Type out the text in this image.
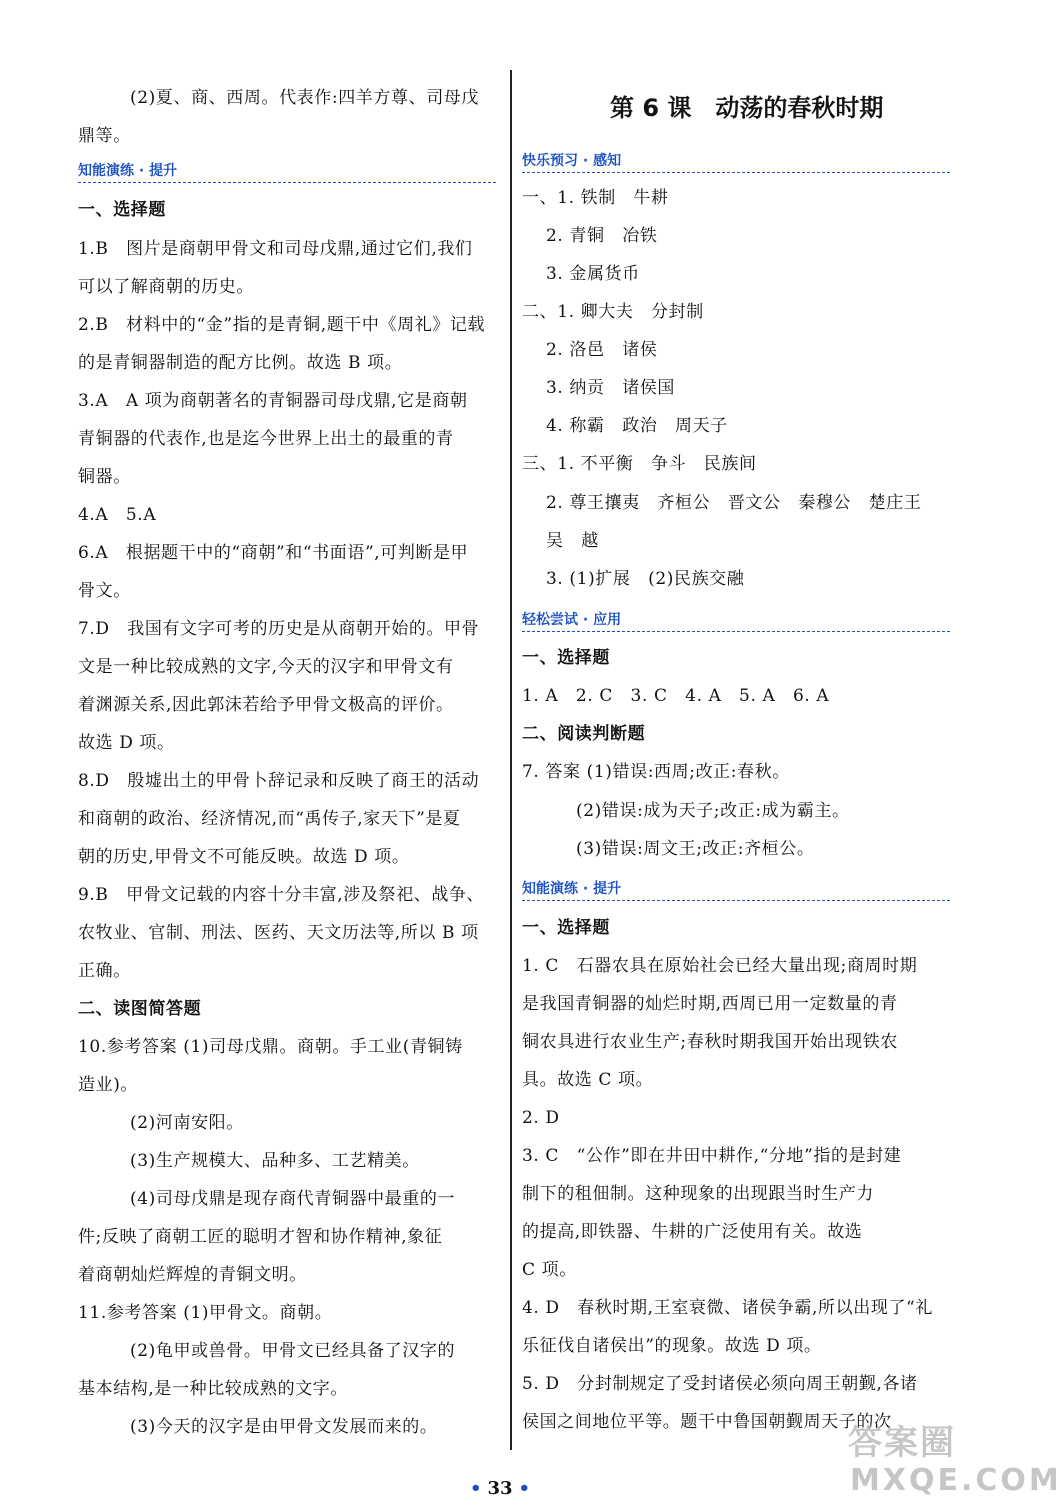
(2)夏、商、西周。代表作:四羊方尊、司母戊
鼎等。
知能演练 · 提升
一、选择题
1.B　图片是商朝甲骨文和司母戊鼎,通过它们,我们
可以了解商朝的历史。
2.B　材料中的“金”指的是青铜,题干中《周礼》记载
的是青铜器制造的配方比例。故选 B 项。
3.A　A 项为商朝著名的青铜器司母戊鼎,它是商朝
青铜器的代表作,也是迄今世界上出土的最重的青
铜器。
4.A　5.A
6.A　根据题干中的“商朝”和“书面语”,可判断是甲
骨文。
7.D　我国有文字可考的历史是从商朝开始的。甲骨
文是一种比较成熟的文字,今天的汉字和甲骨文有
着渊源关系,因此郭沫若给予甲骨文极高的评价。
故选 D 项。
8.D　殷墟出土的甲骨卜辞记录和反映了商王的活动
和商朝的政治、经济情况,而“禹传子,家天下”是夏
朝的历史,甲骨文不可能反映。故选 D 项。
9.B　甲骨文记载的内容十分丰富,涉及祭祀、战争、
农牧业、官制、刑法、医药、天文历法等,所以 B 项
正确。
二、读图简答题
10.参考答案 (1)司母戊鼎。商朝。手工业(青铜铸
造业)。
(2)河南安阳。
(3)生产规模大、品种多、工艺精美。
(4)司母戊鼎是现存商代青铜器中最重的一
件;反映了商朝工匠的聪明才智和协作精神,象征
着商朝灿烂辉煌的青铜文明。
11.参考答案 (1)甲骨文。商朝。
(2)龟甲或兽骨。甲骨文已经具备了汉字的
基本结构,是一种比较成熟的文字。
(3)今天的汉字是由甲骨文发展而来的。
第 6 课　动荡的春秋时期
快乐预习 · 感知
一、1. 铁制　牛耕
2. 青铜　冶铁
3. 金属货币
二、1. 卿大夫　分封制
2. 洛邑　诸侯
3. 纳贡　诸侯国
4. 称霸　政治　周天子
三、1. 不平衡　争斗　民族间
2. 尊王攘夷　齐桓公　晋文公　秦穆公　楚庄王
吴　越
3. (1)扩展　(2)民族交融
轻松尝试 · 应用
一、选择题
1. A　2. C　3. C　4. A　5. A　6. A
二、阅读判断题
7. 答案 (1)错误:西周;改正:春秋。
(2)错误:成为天子;改正:成为霸主。
(3)错误:周文王;改正:齐桓公。
知能演练 · 提升
一、选择题
1. C　石器农具在原始社会已经大量出现;商周时期
是我国青铜器的灿烂时期,西周已用一定数量的青
铜农具进行农业生产;春秋时期我国开始出现铁农
具。故选 C 项。
2. D
3. C　“公作”即在井田中耕作,“分地”指的是封建
制下的租佃制。这种现象的出现跟当时生产力
的提高,即铁器、牛耕的广泛使用有关。故选
C 项。
4. D　春秋时期,王室衰微、诸侯争霸,所以出现了“礼
乐征伐自诸侯出”的现象。故选 D 项。
5. D　分封制规定了受封诸侯必须向周王朝觐,各诸
侯国之间地位平等。题干中鲁国朝觐周天子的次
• 33 •
答案圈
MXQE.COM
